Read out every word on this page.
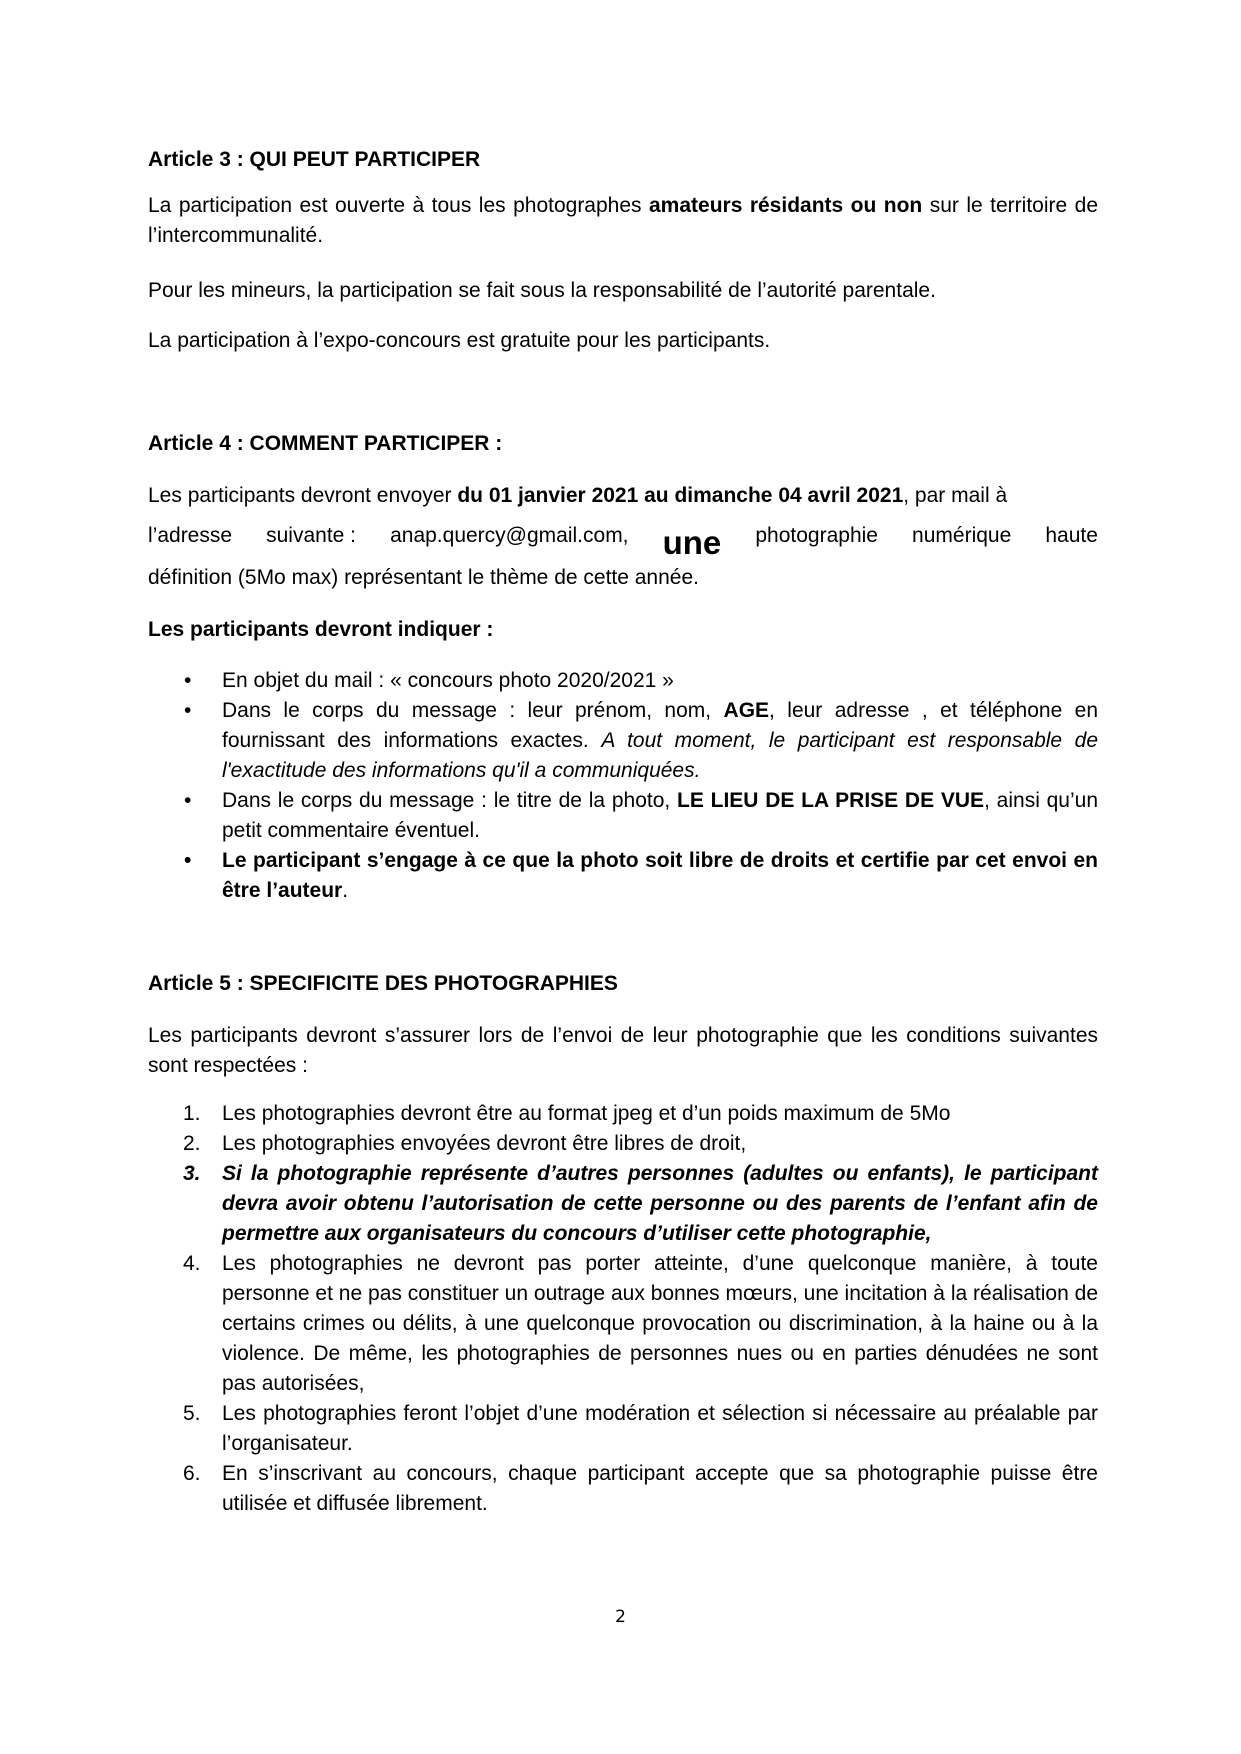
Article 3 : QUI PEUT PARTICIPER

La participation est ouverte à tous les photographes amateurs résidants ou non sur le territoire de l’intercommunalité.

Pour les mineurs, la participation se fait sous la responsabilité de l’autorité parentale.
La participation à l’expo-concours est gratuite pour les participants.
Article 4 : COMMENT PARTICIPER :
Les participants devront envoyer du 01 janvier 2021 au dimanche 04 avril 2021, par mail à
l’adresse suivante : anap.quercy@gmail.com, une photographie numérique haute
définition (5Mo max) représentant le thème de cette année.
Les participants devront indiquer :
• En objet du mail : « concours photo 2020/2021 »
• Dans le corps du message : leur prénom, nom, AGE, leur adresse , et téléphone en fournissant des informations exactes. A tout moment, le participant est responsable de l'exactitude des informations qu'il a communiquées.
• Dans le corps du message : le titre de la photo, LE LIEU DE LA PRISE DE VUE, ainsi qu’un petit commentaire éventuel.
• Le participant s’engage à ce que la photo soit libre de droits et certifie par cet envoi en être l’auteur.
Article 5 : SPECIFICITE DES PHOTOGRAPHIES

Les participants devront s’assurer lors de l’envoi de leur photographie que les conditions suivantes sont respectées :

1.	Les photographies devront être au format jpeg et d’un poids maximum de 5Mo
2.	Les photographies envoyées devront être libres de droit,
3.	Si la photographie représente d’autres personnes (adultes ou enfants), le participant devra avoir obtenu l’autorisation de cette personne ou des parents de l’enfant afin de permettre aux organisateurs du concours d’utiliser cette photographie,
4.	Les photographies ne devront pas porter atteinte, d’une quelconque manière, à toute personne et ne pas constituer un outrage aux bonnes mœurs, une incitation à la réalisation de certains crimes ou délits, à une quelconque provocation ou discrimination, à la haine ou à la violence. De même, les photographies de personnes nues ou en parties dénudées ne sont pas autorisées,
5.	Les photographies feront l’objet d’une modération et sélection si nécessaire au préalable par l’organisateur.
6.	En s’inscrivant au concours, chaque participant accepte que sa photographie puisse être utilisée et diffusée librement.
2
